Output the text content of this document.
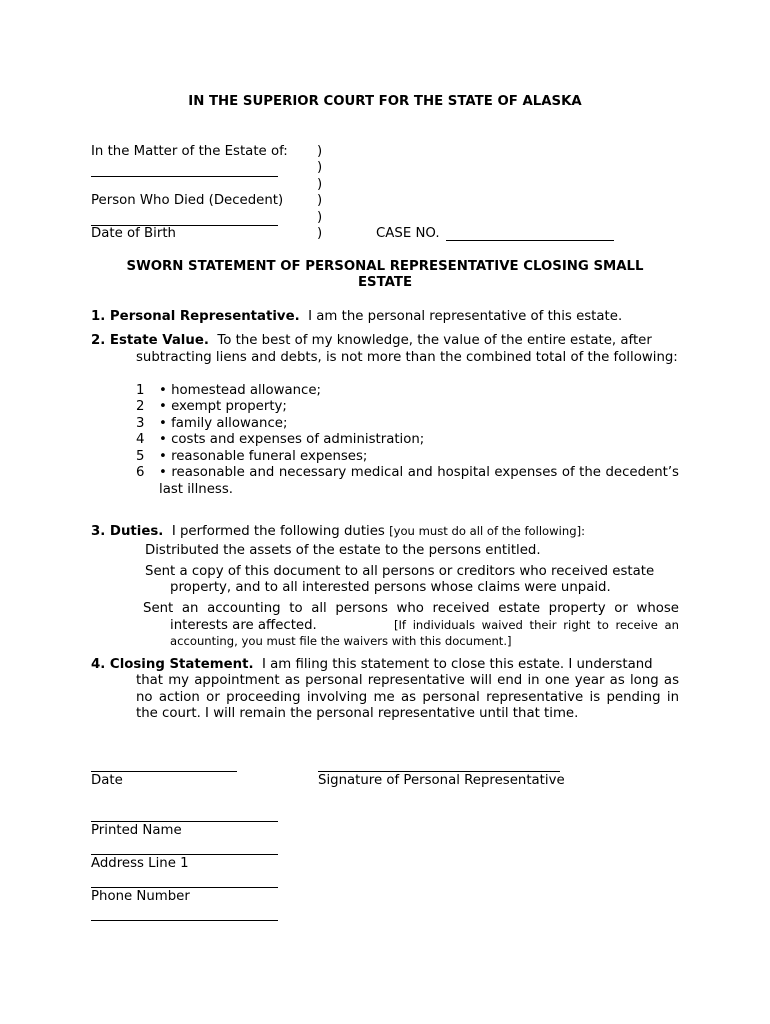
IN THE SUPERIOR COURT FOR THE STATE OF ALASKA
In the Matter of the Estate of:
Person Who Died (Decedent)
Date of Birth
)
)
)
)
)
)	CASE NO.
SWORN STATEMENT OF PERSONAL REPRESENTATIVE CLOSING SMALL
ESTATE
1. Personal Representative. I am the personal representative of this estate.
2. Estate Value. To the best of my knowledge, the value of the entire estate, after
subtracting liens and debts, is not more than the combined total of the following:
1 • homestead allowance;
2 • exempt property;
3 • family allowance;
4 • costs and expenses of administration;
5 • reasonable funeral expenses;
6 • reasonable and necessary medical and hospital expenses of the decedent’s last illness.
3. Duties. I performed the following duties [you must do all of the following]:
Distributed the assets of the estate to the persons entitled.
Sent a copy of this document to all persons or creditors who received estate
property, and to all interested persons whose claims were unpaid.
Sent an accounting to all persons who received estate property or whose
interests are affected.	[If individuals waived their right to receive an
accounting, you must file the waivers with this document.]
4. Closing Statement. I am filing this statement to close this estate. I understand
that my appointment as personal representative will end in one year as long as no action or proceeding involving me as personal representative is pending in the court. I will remain the personal representative until that time.
Date	Signature of Personal Representative
Printed Name
Address Line 1
Phone Number
